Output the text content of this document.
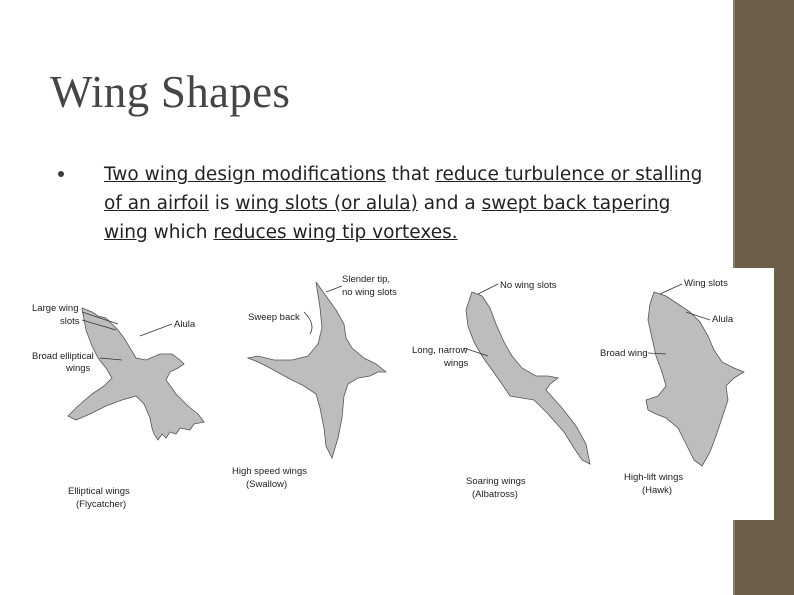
Wing Shapes
Two wing design modifications that reduce turbulence or stalling of an airfoil is wing slots (or alula) and a swept back tapering wing which reduces wing tip vortexes.
Large wing
slots	Alula
Broad elliptical
wings
Elliptical wings
(Flycatcher)
Sweep back
Slender tip,
no wing slots
High speed wings
(Swallow)
No wing slots
Long, narrow
wings
Soaring wings
(Albatross)
Wing slots
Alula
Broad wing
High-lift wings
(Hawk)
